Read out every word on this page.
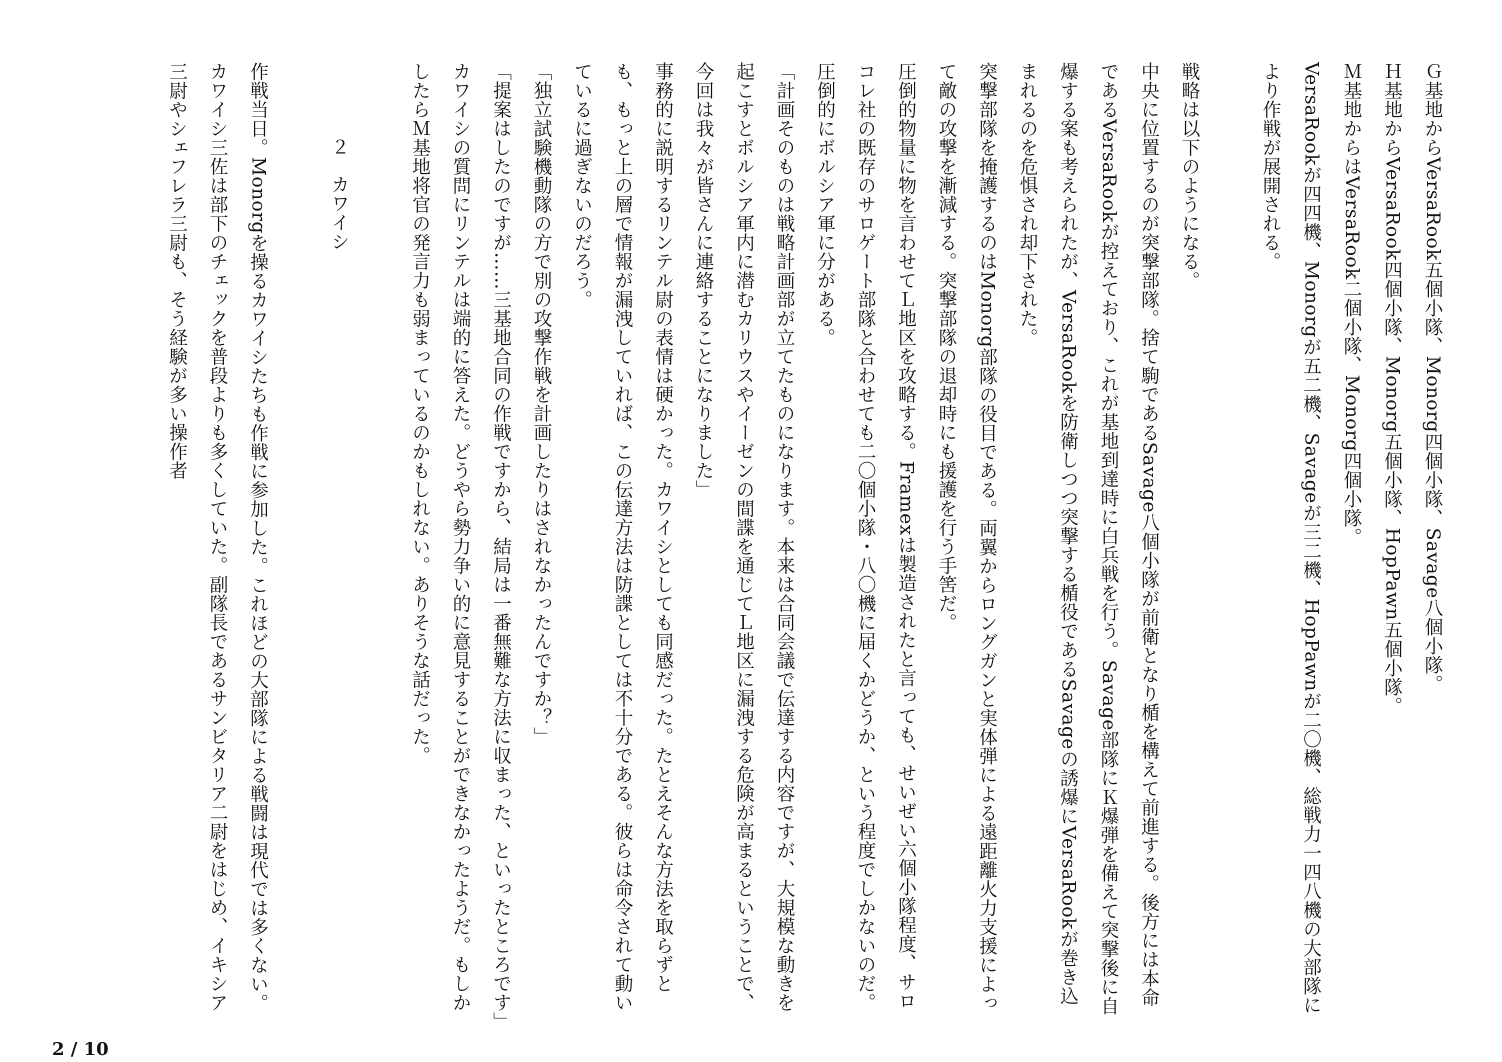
Ｇ基地からVersaRook五個小隊、Monorg四個小隊、Savage八個小隊。

Ｈ基地からVersaRook四個小隊、Monorg五個小隊、HopPawn五個小隊。

Ｍ基地からはVersaRook二個小隊、Monorg四個小隊。

VersaRookが四四機、Monorgが五二機、Savageが三二機、HopPawnが二〇機、総戦力一四八機の大部隊により作戦が展開される。

戦略は以下のようになる。

中央に位置するのが突撃部隊。捨て駒であるSavage八個小隊が前衛となり楯を構えて前進する。後方には本命であるVersaRookが控えており、これが基地到達時に白兵戦を行う。Savage部隊にＫ爆弾を備えて突撃後に自爆する案も考えられたが、VersaRookを防衛しつつ突撃する楯役であるSavageの誘爆にVersaRookが巻き込まれるのを危惧され却下された。

突撃部隊を掩護するのはMonorg部隊の役目である。両翼からロングガンと実体弾による遠距離火力支援によって敵の攻撃を漸減する。突撃部隊の退却時にも援護を行う手筈だ。

圧倒的物量に物を言わせてＬ地区を攻略する。Framexは製造されたと言っても、せいぜい六個小隊程度、サロコレ社の既存のサロゲート部隊と合わせても二〇個小隊・八〇機に届くかどうか、という程度でしかないのだ。圧倒的にボルシア軍に分がある。

「計画そのものは戦略計画部が立てたものになります。本来は合同会議で伝達する内容ですが、大規模な動きを起こすとボルシア軍内に潜むカリウスやイーゼンの間諜を通じてＬ地区に漏洩する危険が高まるということで、今回は我々が皆さんに連絡することになりました」

事務的に説明するリンテル尉の表情は硬かった。カワイシとしても同感だった。たとえそんな方法を取らずとも、もっと上の層で情報が漏洩していれば、この伝達方法は防諜としては不十分である。彼らは命令されて動いているに過ぎないのだろう。

「独立試験機動隊の方で別の攻撃作戦を計画したりはされなかったんですか？」

「提案はしたのですが……三基地合同の作戦ですから、結局は一番無難な方法に収まった、といったところです」

カワイシの質問にリンテルは端的に答えた。どうやら勢力争い的に意見することができなかったようだ。もしかしたらＭ基地将官の発言力も弱まっているのかもしれない。ありそうな話だった。

２　カワイシ

作戦当日。Monorgを操るカワイシたちも作戦に参加した。これほどの大部隊による戦闘は現代では多くない。カワイシ三佐は部下のチェックを普段よりも多くしていた。副隊長であるサンビタリア二尉をはじめ、イキシア三尉やシェフレラ三尉も、そう経験が多い操作者

2 / 10
